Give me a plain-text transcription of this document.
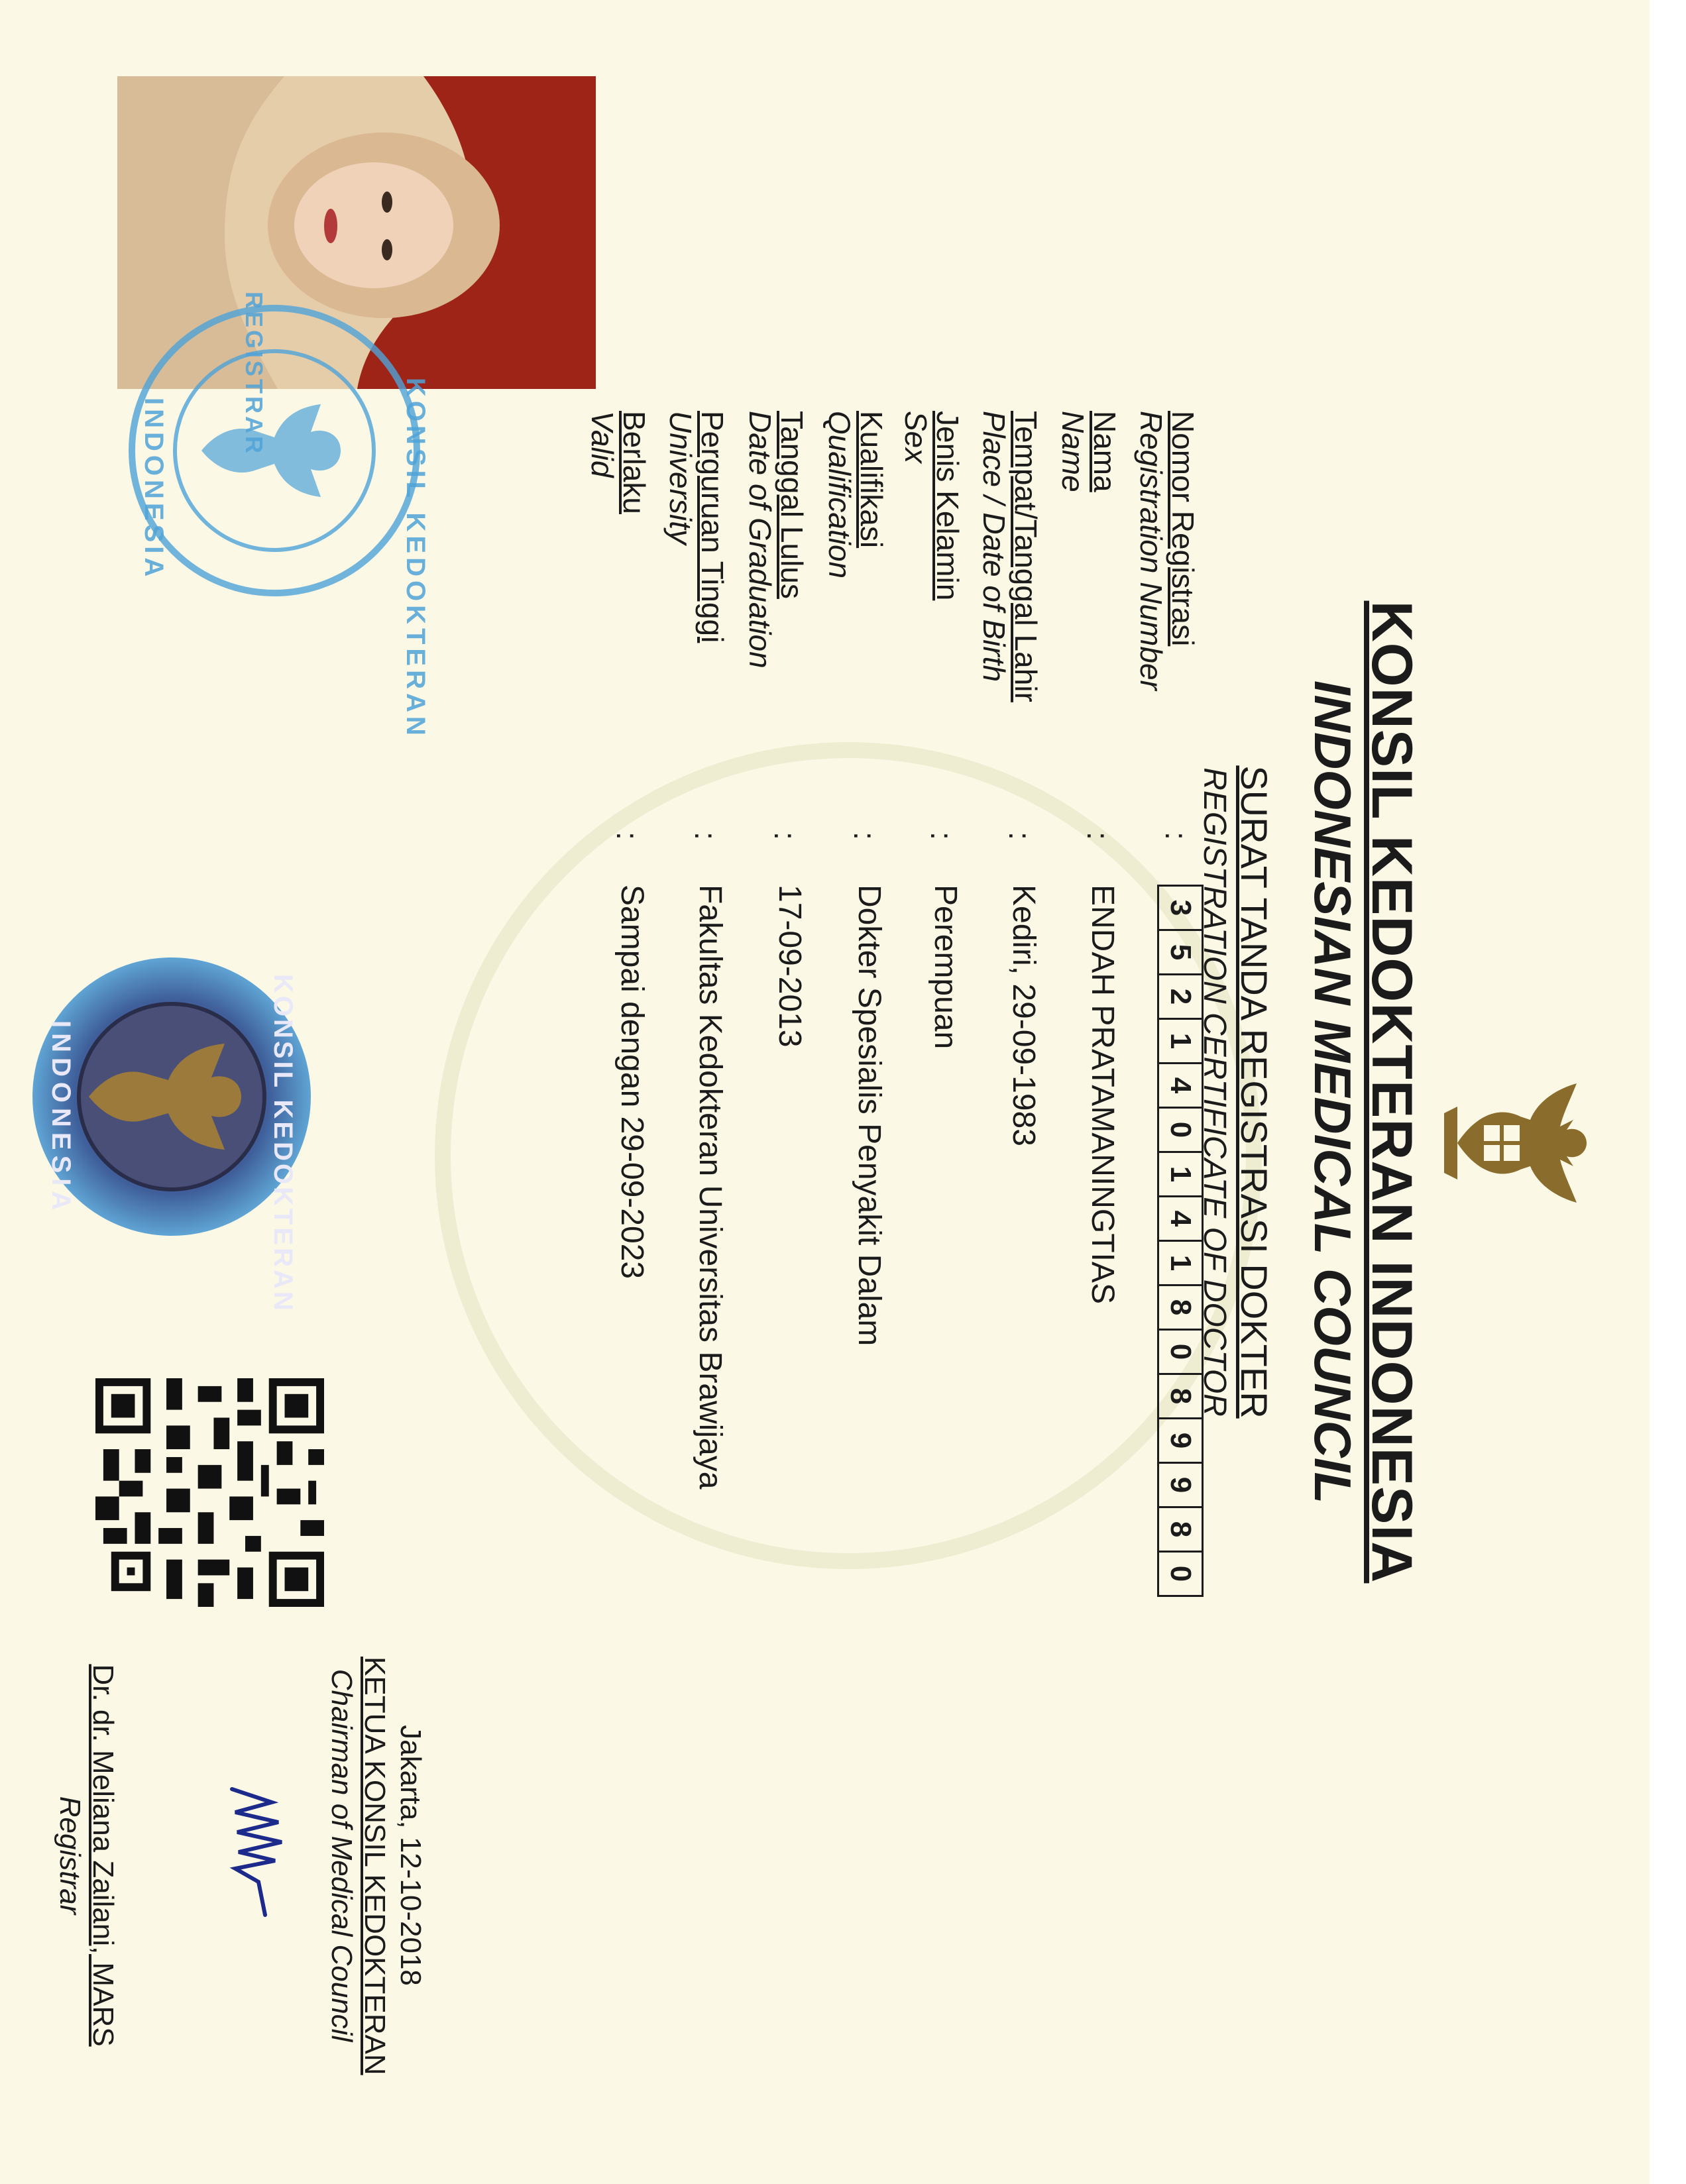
KONSIL KEDOKTERAN INDONESIA
INDONESIAN MEDICAL COUNCIL
SURAT TANDA REGISTRASI DOKTER
REGISTRATION CERTIFICATE OF DOCTOR
Nomor Registrasi
Registration Number
Nama
Name
Tempat/Tanggal Lahir
Place / Date of Birth
Jenis Kelamin
Sex
Kualifikasi
Qualification
Tanggal Lulus
Date of Graduation
Perguruan Tinggi
University
Berlaku
Valid
:
:
:
:
:
:
:
:
3
5
2
1
4
0
1
4
1
8
0
8
9
9
8
0
ENDAH PRATAMANINGTIAS
Kediri, 29-09-1983
Perempuan
Dokter Spesialis Penyakit Dalam
17-09-2013
Fakultas Kedokteran Universitas Brawijaya
Sampai dengan 29-09-2023
KONSIL KEDOKTERAN
INDONESIA
REGISTRAR
KONSIL KEDOKTERAN
INDONESIA
Jakarta, 12-10-2018
KETUA KONSIL KEDOKTERAN
Chairman of Medical Council
Dr. dr. Meliana Zailani, MARS
Registrar
